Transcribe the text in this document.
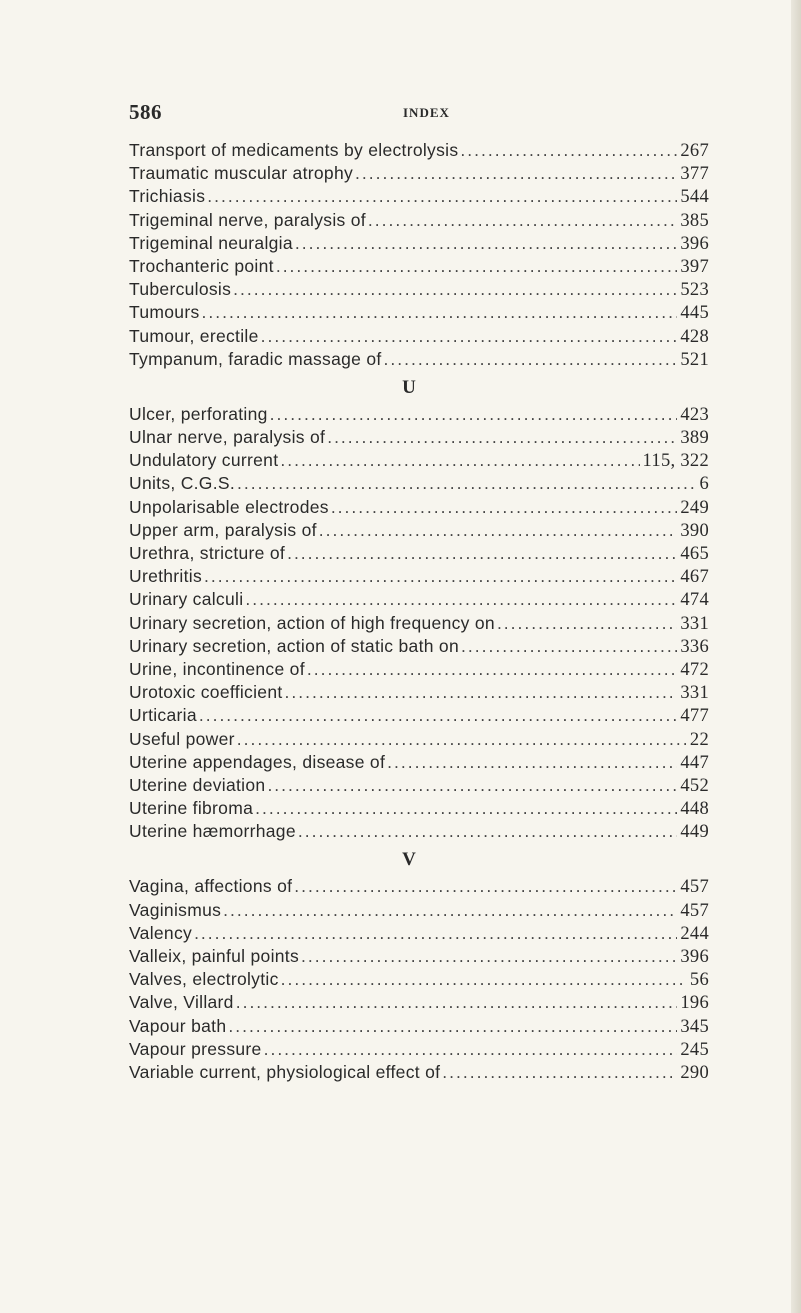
586	INDEX
Transport of medicaments by electrolysis .....	267
Traumatic muscular atrophy .....	377
Trichiasis .....	544
Trigeminal nerve, paralysis of .....	385
Trigeminal neuralgia .....	396
Trochanteric point .....	397
Tuberculosis .....	523
Tumours .....	445
Tumour, erectile .....	428
Tympanum, faradic massage of .....	521
U
Ulcer, perforating .....	423
Ulnar nerve, paralysis of .....	389
Undulatory current .....	115, 322
Units, C.G.S. .....	6
Unpolarisable electrodes .....	249
Upper arm, paralysis of .....	390
Urethra, stricture of .....	465
Urethritis .....	467
Urinary calculi .....	474
Urinary secretion, action of high frequency on .....	331
Urinary secretion, action of static bath on .....	336
Urine, incontinence of .....	472
Urotoxic coefficient .....	331
Urticaria .....	477
Useful power .....	22
Uterine appendages, disease of .....	447
Uterine deviation .....	452
Uterine fibroma .....	448
Uterine hæmorrhage .....	449
V
Vagina, affections of .....	457
Vaginismus .....	457
Valency .....	244
Valleix, painful points .....	396
Valves, electrolytic .....	56
Valve, Villard .....	196
Vapour bath .....	345
Vapour pressure .....	245
Variable current, physiological effect of .....	290
